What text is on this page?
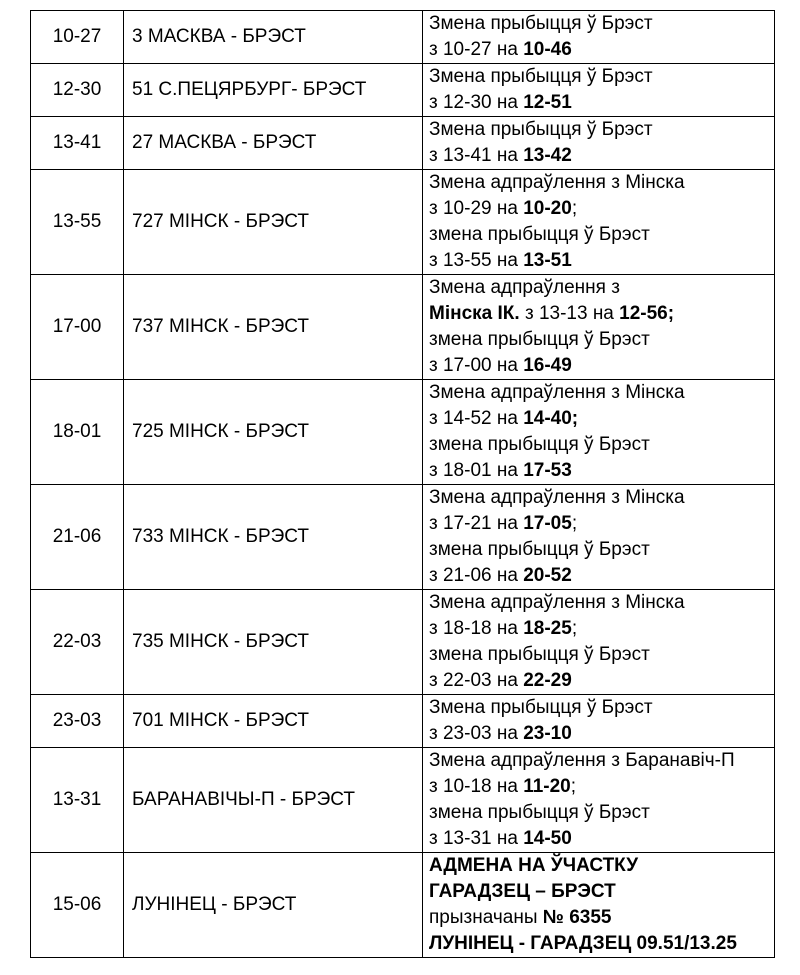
10-27	3 МАСКВА - БРЭСТ	Змена прыбыцця ў Брэст
з 10-27 на 10-46

12-30	51 С.ПЕЦЯРБУРГ- БРЭСТ	Змена прыбыцця ў Брэст
з 12-30 на 12-51

13-41	27 МАСКВА - БРЭСТ	Змена прыбыцця ў Брэст
з 13-41 на 13-42

13-55	727 МІНСК - БРЭСТ	Змена адпраўлення з Мінска
з 10-29 на 10-20;
змена прыбыцця ў Брэст
з 13-55 на 13-51

17-00	737 МІНСК - БРЭСТ	Змена адпраўлення з
Мінска ІК. з 13-13 на 12-56;
змена прыбыцця ў Брэст
з 17-00 на 16-49

18-01	725 МІНСК - БРЭСТ	Змена адпраўлення з Мінска
з 14-52 на 14-40;
змена прыбыцця ў Брэст
з 18-01 на 17-53

21-06	733 МІНСК - БРЭСТ	Змена адпраўлення з Мінска
з 17-21 на 17-05;
змена прыбыцця ў Брэст
з 21-06 на 20-52

22-03	735 МІНСК - БРЭСТ	Змена адпраўлення з Мінска
з 18-18 на 18-25;
змена прыбыцця ў Брэст
з 22-03 на 22-29

23-03	701 МІНСК - БРЭСТ	Змена прыбыцця ў Брэст
з 23-03 на 23-10

13-31	БАРАНАВІЧЫ-П - БРЭСТ	Змена адпраўлення з Баранавіч-П
з 10-18 на 11-20;
змена прыбыцця ў Брэст
з 13-31 на 14-50

15-06	ЛУНІНЕЦ - БРЭСТ	АДМЕНА НА ЎЧАСТКУ
ГАРАДЗЕЦ – БРЭСТ
прызначаны № 6355
ЛУНІНЕЦ - ГАРАДЗЕЦ 09.51/13.25
